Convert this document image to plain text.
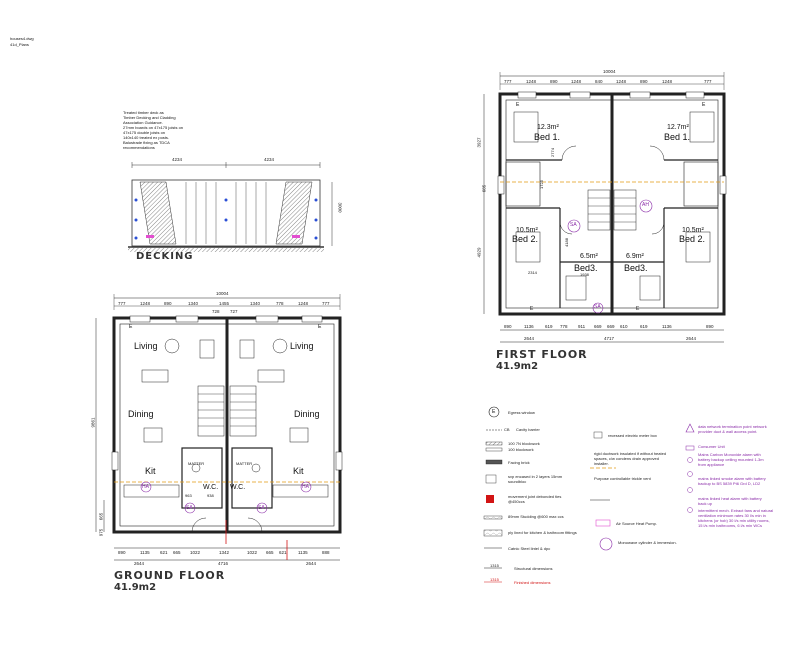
houses4.dwg
41d_Plans
Treated timber deck as
Timber Decking and Cladding
Association Guidance.
27mm boards on 47x175 joists on
47x175 double joists on
140x140 treated ex posts.
Balustrade fixing as TDCA
recommendations
4234	4234
3000
DECKING
10004
777	1248	890	1340	1455	1340	778	1248	777
728 727
9861
665
975
Living	Living
Dining	Dining
Kit	Kit
W.C. W.C.
HA	HA
SA	SA
963	938
MATTER	MATTER
E	E
890	1135 621 665 1022	1342	1022 665 621	1135	888
2644	4716	2644
GROUND FLOOR
41.9m2
10004
777	1248	890	1248	840	1248	890	1248	777
3927
4929
685
12.3m²
Bed 1.
12.7m²
Bed 1.
10.5m²
Bed 2.
10.5m²
Bed 2.
6.5m²
Bed3.
6.9m²
Bed3.
SA
SA
AH
2774
1725
2314	1938
4188
E	E
E	E
890	1136	619 778 911 669 669 610	619	1136	890
2644	4717	2644
FIRST FLOOR
41.9m2
E	Egress window
CB Cavity barrier
100 7N blockwork
100 blockwork
Facing brick
svp encased in 2 layers 15mm soundbloc
movement joint debonded ties @450ccs
89mm Studding @600 max ccs
ply lined for kitchen & bathroom fittings
Catnic Steel lintel & dpc
1315
Structural dimensions
1315
Finished dimensions
recessed electric meter box
rigid ductwork insulated if without heated spaces, c/w condens drain approved installer.
Purpose controllable trickle vent
Air Source Heat Pump.
Monowave cylinder & immersion.
data network termination point network provider duct & wall access point.
Consumer Unit
Mains Carbon Monoxide alarm with battery backup ceiling mounted 1-3m from appliance
mains linked smoke alarm with battery backup to BS 5839 Pt6 Grd D, LD2
mains linked heat alarm with battery back up
intermittent mech. Extract fans and natural ventilation minimum rates 30 l/s min in kitchens (or hob) 30 l/s min utility rooms, 15 l/s min bathrooms, 6 l/s min WCs
